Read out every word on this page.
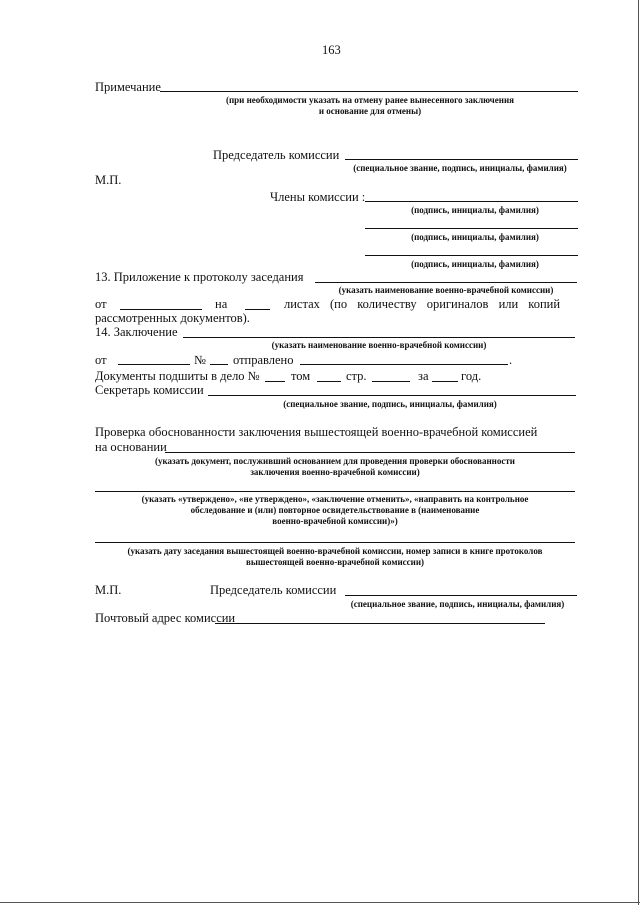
163
Примечание
(при необходимости указать на отмену ранее вынесенного заключения
и основание для отмены)
Председатель комиссии
(специальное звание, подпись, инициалы, фамилия)
М.П.
Члены комиссии :
(подпись, инициалы, фамилия)
(подпись, инициалы, фамилия)
(подпись, инициалы, фамилия)
13. Приложение к протоколу заседания
(указать наименование военно-врачебной комиссии)
от	на	листах (по количеству оригиналов или копий
рассмотренных документов).
14. Заключение
(указать наименование военно-врачебной комиссии)
от	№ отправлено	.
Документы подшиты в дело №	том	стр.	за	год.
Секретарь комиссии
(специальное звание, подпись, инициалы, фамилия)
Проверка обоснованности заключения вышестоящей военно-врачебной комиссией
на основании
(указать документ, послуживший основанием для проведения проверки обоснованности
заключения военно-врачебной комиссии)
(указать «утверждено», «не утверждено», «заключение отменить», «направить на контрольное
обследование и (или) повторное освидетельствование в (наименование
военно-врачебной комиссии)»)
(указать дату заседания вышестоящей военно-врачебной комиссии, номер записи в книге протоколов
вышестоящей военно-врачебной комиссии)
М.П.	Председатель комиссии
(специальное звание, подпись, инициалы, фамилия)
Почтовый адрес комиссии
